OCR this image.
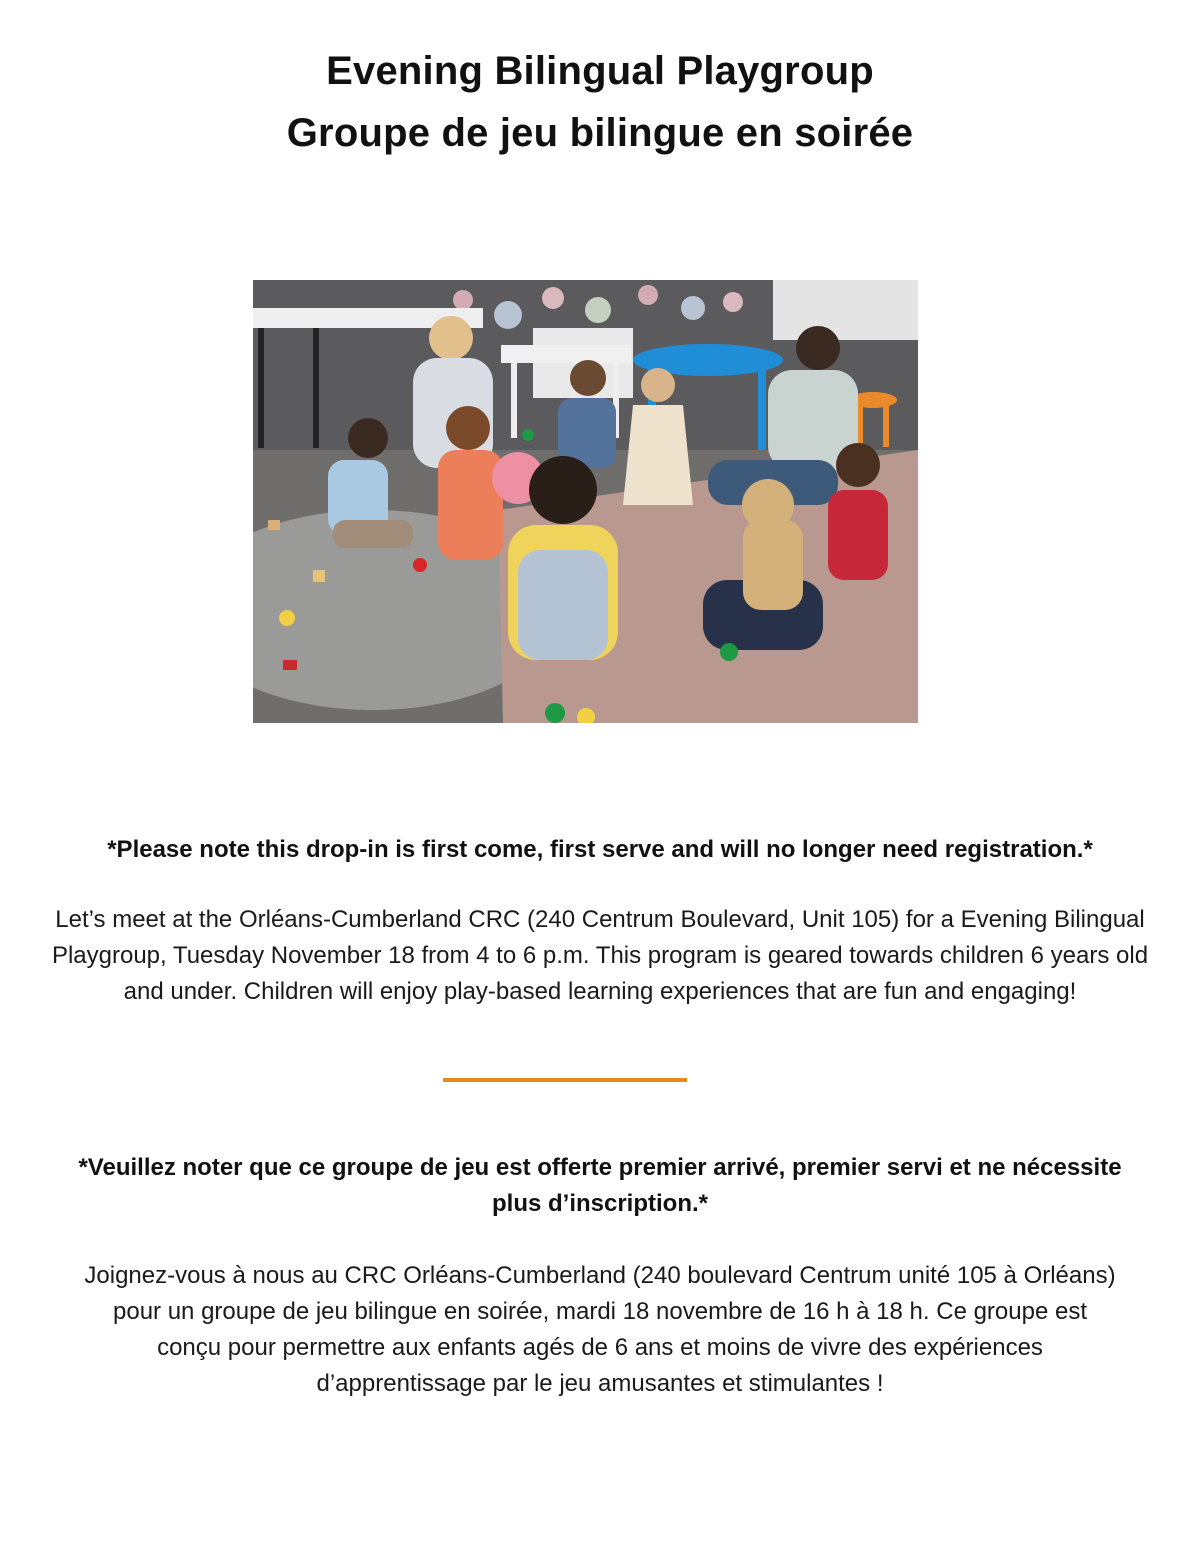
Evening Bilingual Playgroup
Groupe de jeu bilingue en soirée
*Please note this drop-in is first come, first serve and will no longer need registration.*
Let’s meet at the Orléans-Cumberland CRC (240 Centrum Boulevard, Unit 105) for a Evening Bilingual Playgroup, Tuesday November 18 from 4 to 6 p.m. This program is geared towards children 6 years old and under. Children will enjoy play-based learning experiences that are fun and engaging!
*Veuillez noter que ce groupe de jeu est offerte premier arrivé, premier servi et ne nécessite plus d’inscription.*
Joignez-vous à nous au CRC Orléans-Cumberland (240 boulevard Centrum unité 105 à Orléans) pour un groupe de jeu bilingue en soirée, mardi 18 novembre de 16 h à 18 h. Ce groupe est conçu pour permettre aux enfants agés de 6 ans et moins de vivre des expériences d’apprentissage par le jeu amusantes et stimulantes !
